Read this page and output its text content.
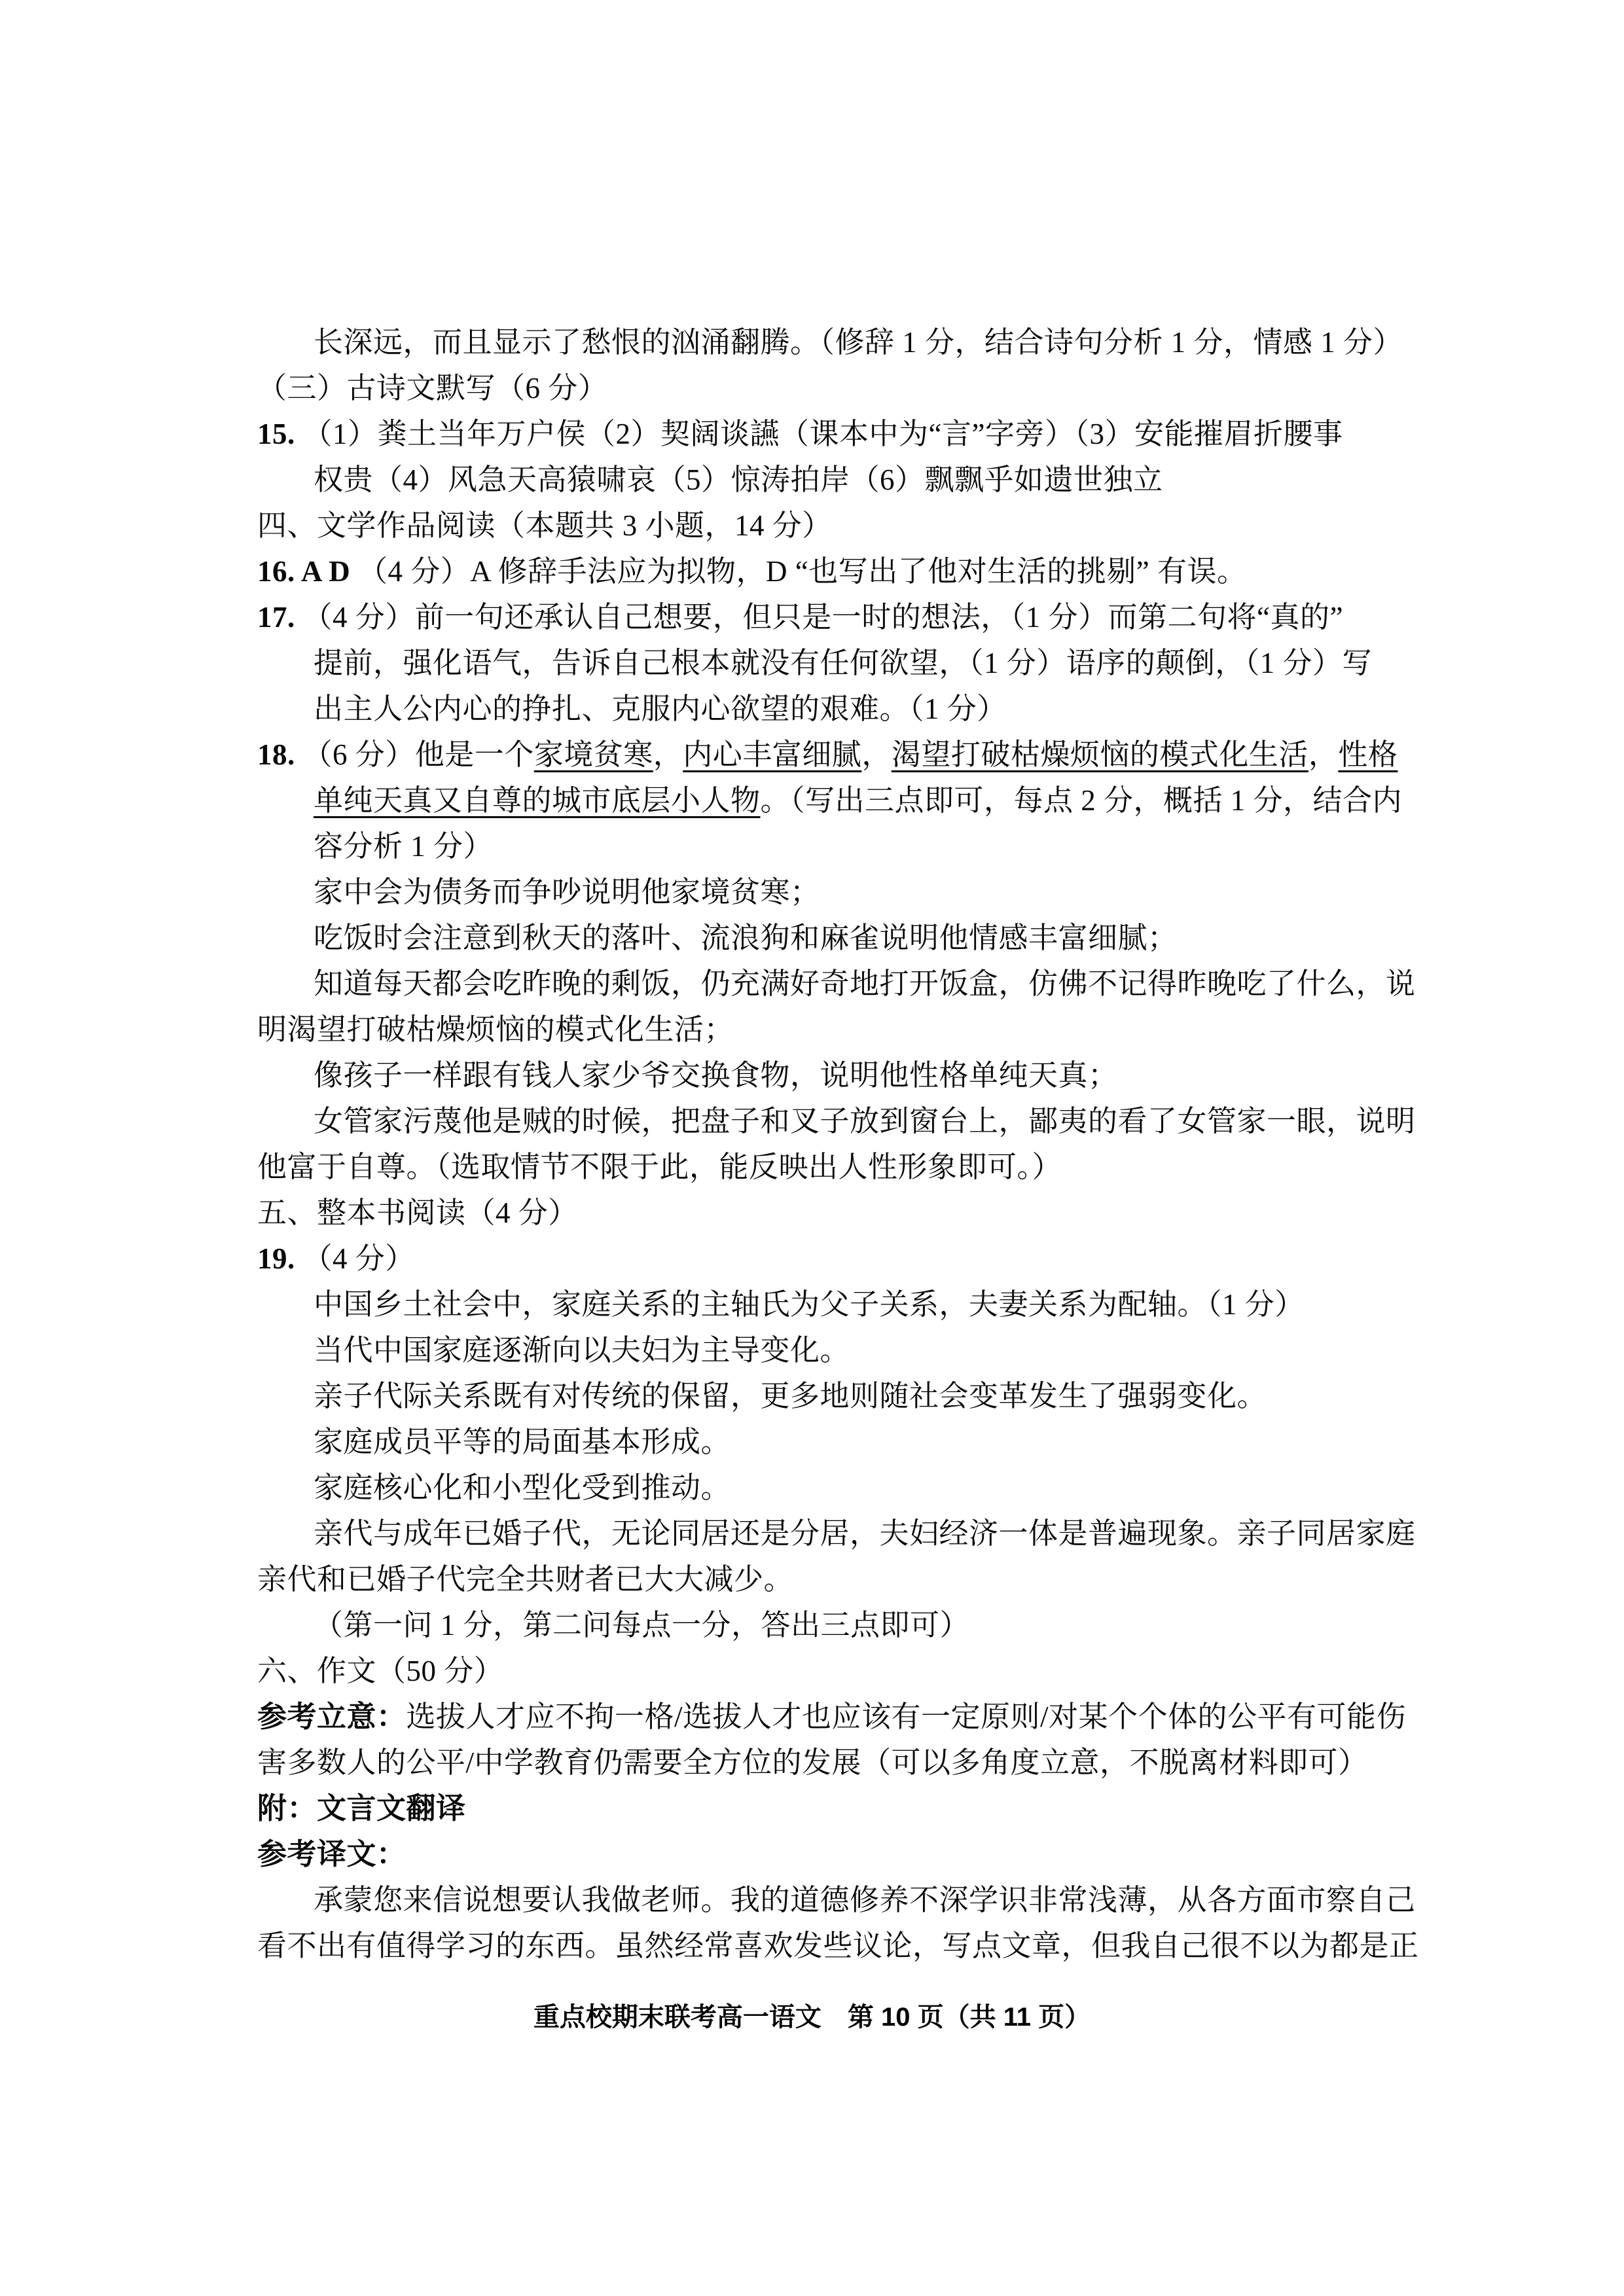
长深远，而且显示了愁恨的汹涌翻腾。（修辞 1 分，结合诗句分析 1 分，情感 1 分）
（三）古诗文默写（6 分）
15. （1）粪土当年万户侯（2）契阔谈讌（课本中为“言”字旁）（3）安能摧眉折腰事
权贵（4）风急天高猿啸哀（5）惊涛拍岸（6）飘飘乎如遗世独立
四、文学作品阅读（本题共 3 小题，14 分）
16. A D （4 分）A 修辞手法应为拟物，D “也写出了他对生活的挑剔” 有误。
17. （4 分）前一句还承认自己想要，但只是一时的想法，（1 分）而第二句将“真的”
提前，强化语气，告诉自己根本就没有任何欲望，（1 分）语序的颠倒，（1 分）写
出主人公内心的挣扎、克服内心欲望的艰难。（1 分）
18. （6 分）他是一个家境贫寒，内心丰富细腻，渴望打破枯燥烦恼的模式化生活，性格
单纯天真又自尊的城市底层小人物。（写出三点即可，每点 2 分，概括 1 分，结合内
容分析 1 分）
家中会为债务而争吵说明他家境贫寒；
吃饭时会注意到秋天的落叶、流浪狗和麻雀说明他情感丰富细腻；
知道每天都会吃昨晚的剩饭，仍充满好奇地打开饭盒，仿佛不记得昨晚吃了什么，说
明渴望打破枯燥烦恼的模式化生活；
像孩子一样跟有钱人家少爷交换食物，说明他性格单纯天真；
女管家污蔑他是贼的时候，把盘子和叉子放到窗台上，鄙夷的看了女管家一眼，说明
他富于自尊。（选取情节不限于此，能反映出人性形象即可。）
五、整本书阅读（4 分）
19. （4 分）
中国乡土社会中，家庭关系的主轴氏为父子关系，夫妻关系为配轴。（1 分）
当代中国家庭逐渐向以夫妇为主导变化。
亲子代际关系既有对传统的保留，更多地则随社会变革发生了强弱变化。
家庭成员平等的局面基本形成。
家庭核心化和小型化受到推动。
亲代与成年已婚子代，无论同居还是分居，夫妇经济一体是普遍现象。亲子同居家庭
亲代和已婚子代完全共财者已大大减少。
（第一问 1 分，第二问每点一分，答出三点即可）
六、作文（50 分）
参考立意：选拔人才应不拘一格/选拔人才也应该有一定原则/对某个个体的公平有可能伤
害多数人的公平/中学教育仍需要全方位的发展（可以多角度立意，不脱离材料即可）
附：文言文翻译
参考译文：
承蒙您来信说想要认我做老师。我的道德修养不深学识非常浅薄，从各方面市察自己
看不出有值得学习的东西。虽然经常喜欢发些议论，写点文章，但我自己很不以为都是正
重点校期末联考高一语文　第 10 页（共 11 页）
